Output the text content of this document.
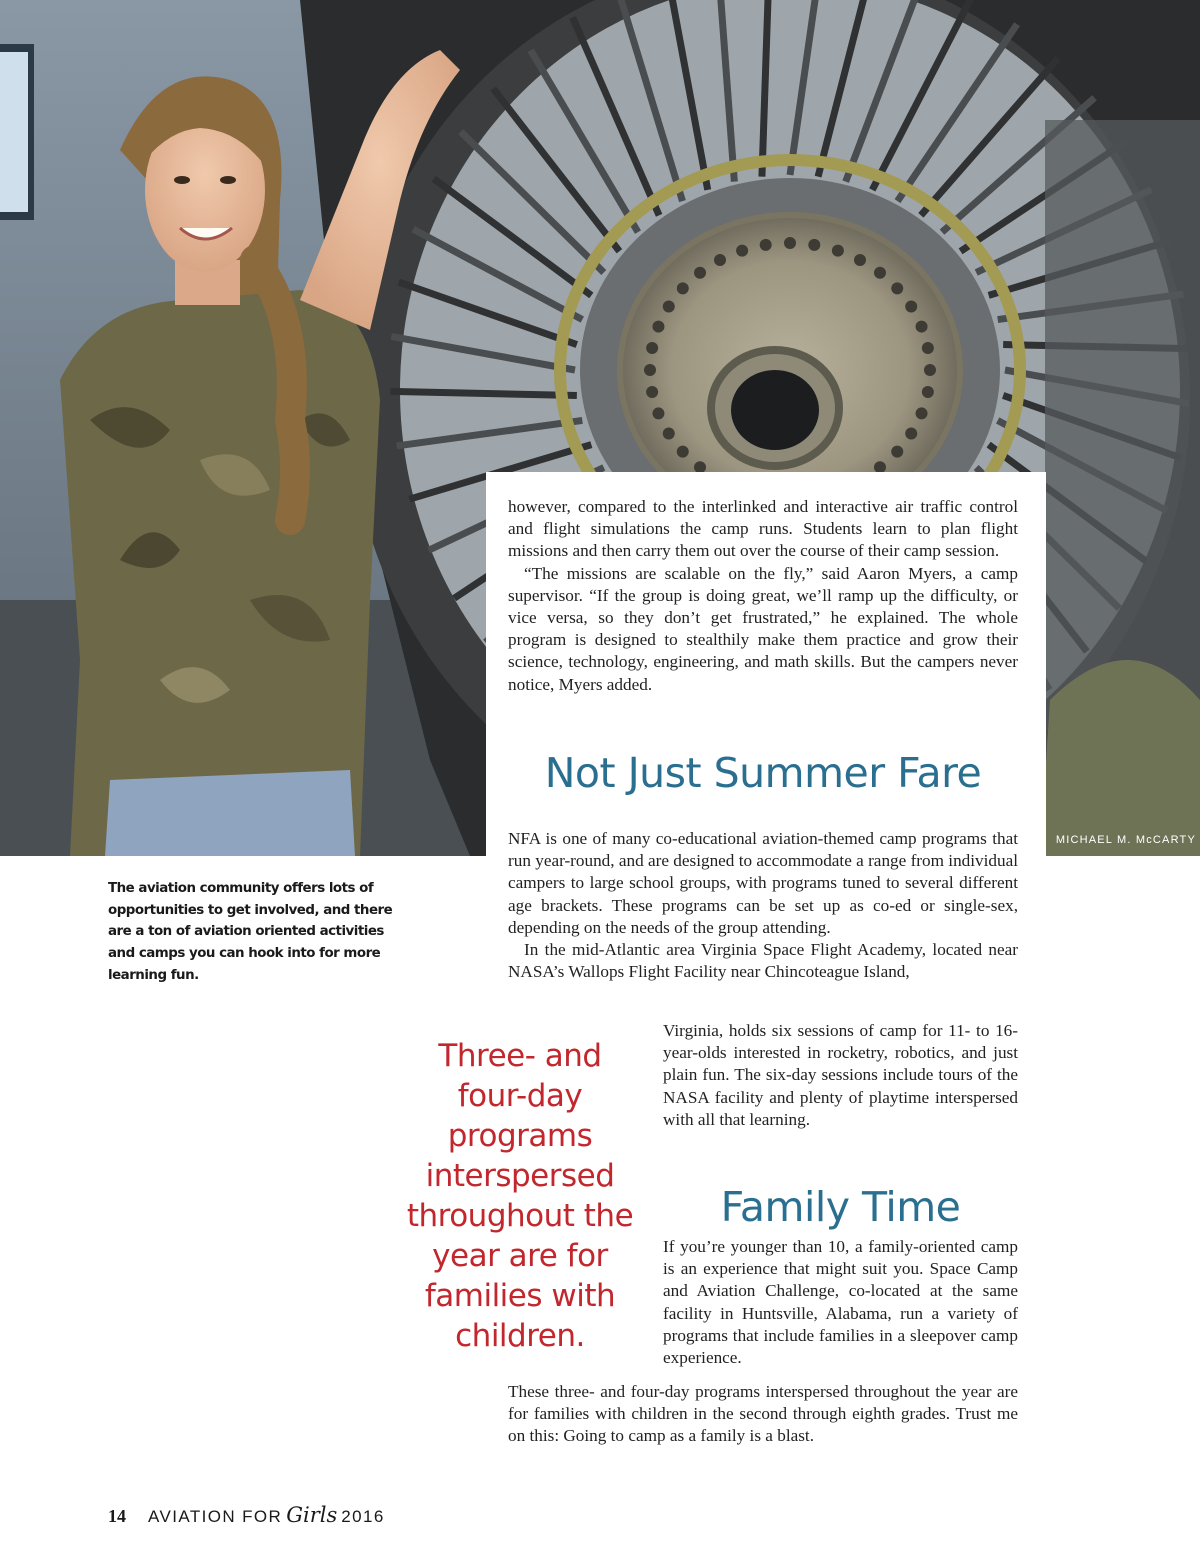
MICHAEL M. McCARTY

however, compared to the interlinked and interactive air traffic control and flight simulations the camp runs. Students learn to plan flight missions and then carry them out over the course of their camp session.

“The missions are scalable on the fly,” said Aaron Myers, a camp supervisor. “If the group is doing great, we’ll ramp up the difficulty, or vice versa, so they don’t get frustrated,” he explained. The whole program is designed to stealthily make them practice and grow their science, technology, engineering, and math skills. But the campers never notice, Myers added.

Not Just Summer Fare

NFA is one of many co-educational aviation-themed camp programs that run year-round, and are designed to accommodate a range from individual campers to large school groups, with programs tuned to several different age brackets. These programs can be set up as co-ed or single-sex, depending on the needs of the group attending.

In the mid-Atlantic area Virginia Space Flight Academy, located near NASA’s Wallops Flight Facility near Chincoteague Island,

Virginia, holds six sessions of camp for 11- to 16-year-olds interested in rocketry, robotics, and just plain fun. The six-day sessions include tours of the NASA facility and plenty of playtime interspersed with all that learning.

Family Time

If you’re younger than 10, a family-oriented camp is an experience that might suit you. Space Camp and Aviation Challenge, co-located at the same facility in Huntsville, Alabama, run a variety of programs that include families in a sleepover camp experience.

These three- and four-day programs interspersed throughout the year are for families with children in the second through eighth grades. Trust me on this: Going to camp as a family is a blast.

The aviation community offers lots of opportunities to get involved, and there are a ton of aviation oriented activities and camps you can hook into for more learning fun.

Three- and four-day programs interspersed throughout the year are for families with children.

14 AVIATION FOR Girls 2016
